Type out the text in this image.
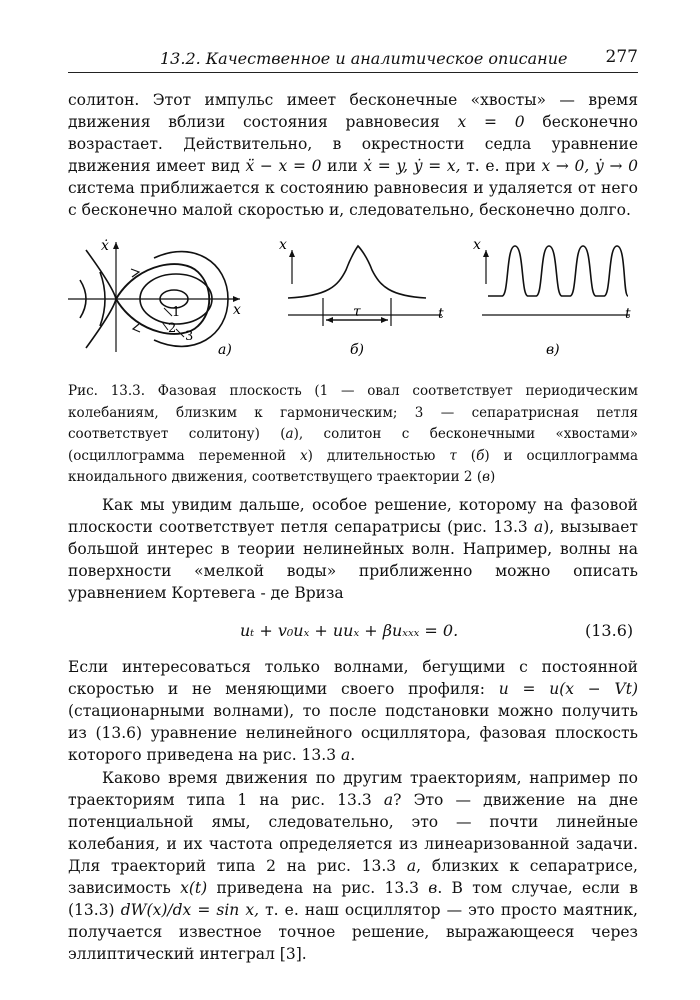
13.2. Качественное и аналитическое описание 277

солитон. Этот импульс имеет бесконечные «хвосты» — время движения вблизи состояния равновесия x = 0 бесконечно возрастает. Действительно, в окрестности седла уравнение движения имеет вид ẍ − x = 0 или ẋ = y, ẏ = x, т. е. при x → 0, ẏ → 0 система приближается к состоянию равновесия и удаляется от него с бесконечно малой скоростью и, следовательно, бесконечно долго.

ẋ
x
1
2
3
а)
x
t
τ
б)
x
t
в)

Рис. 13.3. Фазовая плоскость (1 — овал соответствует периодическим колебаниям, близким к гармоническим; 3 — сепаратрисная петля соответствует солитону) (а), солитон с бесконечными «хвостами» (осциллограмма переменной x) длительностью τ (б) и осциллограмма кноидального движения, соответствущего траектории 2 (в)

Как мы увидим дальше, особое решение, которому на фазовой плоскости соответствует петля сепаратрисы (рис. 13.3 а), вызывает большой интерес в теории нелинейных волн. Например, волны на поверхности «мелкой воды» приближенно можно описать уравнением Кортевега - де Вриза

uₜ + v₀uₓ + uuₓ + βuₓₓₓ = 0.	(13.6)

Если интересоваться только волнами, бегущими с постоянной скоростью и не меняющими своего профиля: u = u(x − Vt) (стационарными волнами), то после подстановки можно получить из (13.6) уравнение нелинейного осциллятора, фазовая плоскость которого приведена на рис. 13.3 а.

Каково время движения по другим траекториям, например по траекториям типа 1 на рис. 13.3 а? Это — движение на дне потенциальной ямы, следовательно, это — почти линейные колебания, и их частота определяется из линеаризованной задачи. Для траекторий типа 2 на рис. 13.3 а, близких к сепаратрисе, зависимость x(t) приведена на рис. 13.3 в. В том случае, если в (13.3) dW(x)/dx = sin x, т. е. наш осциллятор — это просто маятник, получается известное точное решение, выражающееся через эллиптический интеграл [3].
